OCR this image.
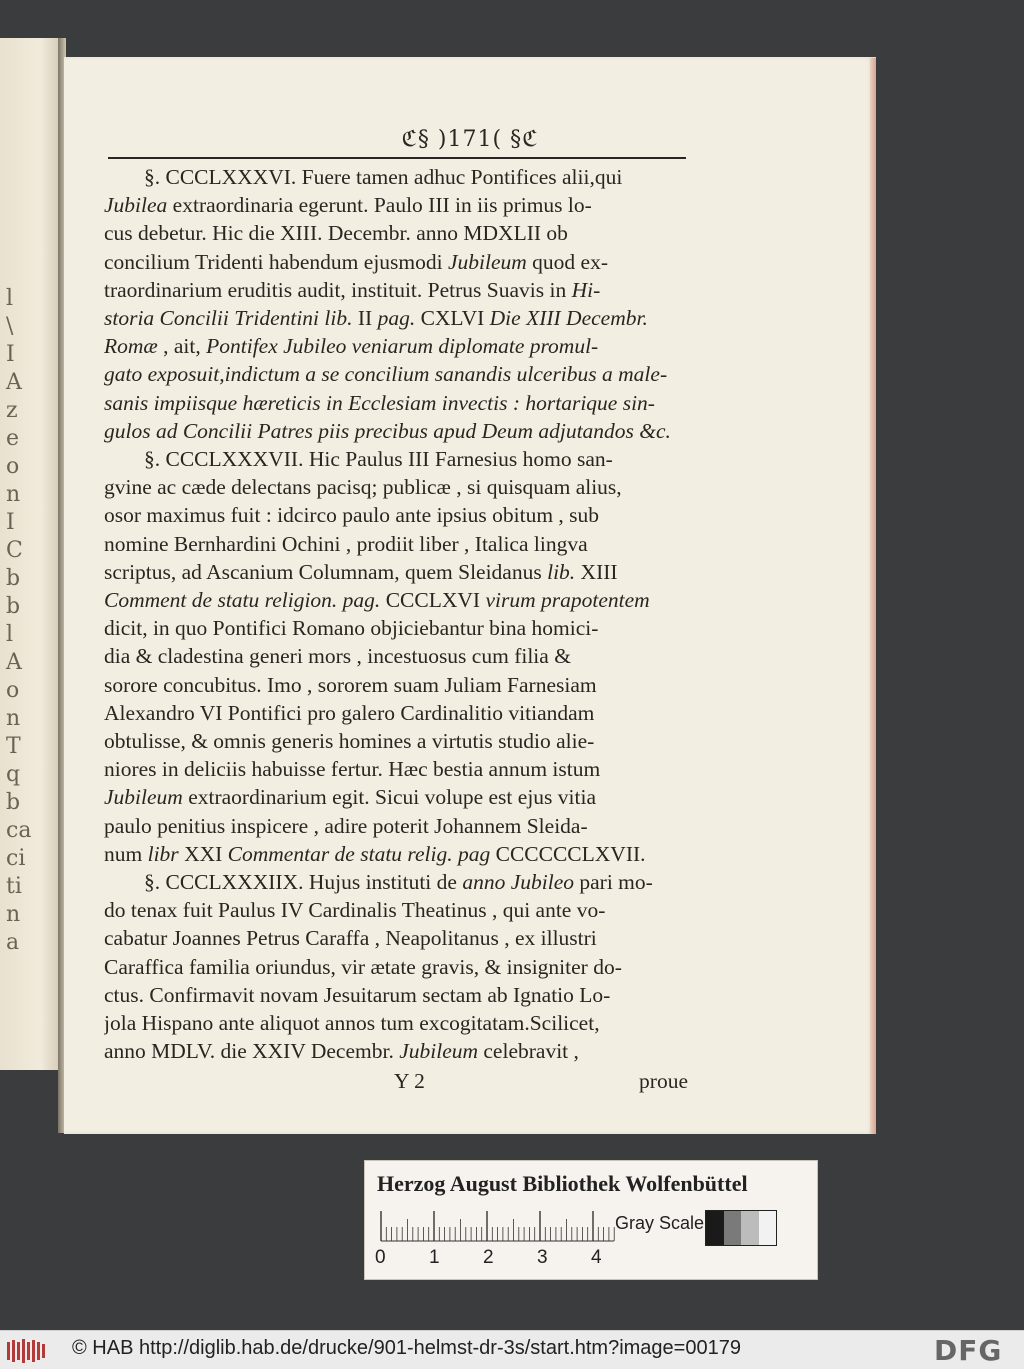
l
\
I
A
z
e
o
n
I
C
b
b
l
A
o
n
T
q
b
ca
ci
ti
n
a
ℭ§ )171( §ℭ
§. CCCLXXXVI. Fuere tamen adhuc Pontifices alii,qui
Jubilea extraordinaria egerunt. Paulo III in iis primus lo-
cus debetur. Hic die XIII. Decembr. anno MDXLII ob
concilium Tridenti habendum ejusmodi Jubileum quod ex-
traordinarium eruditis audit, instituit. Petrus Suavis in Hi-
storia Concilii Tridentini lib. II pag. CXLVI Die XIII Decembr.
Romæ , ait, Pontifex Jubileo veniarum diplomate promul-
gato exposuit,indictum a se concilium sanandis ulceribus a male-
sanis impiisque hæreticis in Ecclesiam invectis : hortarique sin-
gulos ad Concilii Patres piis precibus apud Deum adjutandos &c.
§. CCCLXXXVII. Hic Paulus III Farnesius homo san-
gvine ac cæde delectans pacisq; publicæ , si quisquam alius,
osor maximus fuit : idcirco paulo ante ipsius obitum , sub
nomine Bernhardini Ochini , prodiit liber , Italica lingva
scriptus, ad Ascanium Columnam, quem Sleidanus lib. XIII
Comment de statu religion. pag. CCCLXVI virum prapotentem
dicit, in quo Pontifici Romano objiciebantur bina homici-
dia & cladestina generi mors , incestuosus cum filia &
sorore concubitus. Imo , sororem suam Juliam Farnesiam
Alexandro VI Pontifici pro galero Cardinalitio vitiandam
obtulisse, & omnis generis homines a virtutis studio alie-
niores in deliciis habuisse fertur. Hæc bestia annum istum
Jubileum extraordinarium egit. Sicui volupe est ejus vitia
paulo penitius inspicere , adire poterit Johannem Sleida-
num libr XXI Commentar de statu relig. pag CCCCCCLXVII.
§. CCCLXXXIIX. Hujus instituti de anno Jubileo pari mo-
do tenax fuit Paulus IV Cardinalis Theatinus , qui ante vo-
cabatur Joannes Petrus Caraffa , Neapolitanus , ex illustri
Caraffica familia oriundus, vir ætate gravis, & insigniter do-
ctus. Confirmavit novam Jesuitarum sectam ab Ignatio Lo-
jola Hispano ante aliquot annos tum excogitatam.Scilicet,
anno MDLV. die XXIV Decembr. Jubileum celebravit ,
Y 2	proue
Herzog August Bibliothek Wolfenbüttel
0 1 2 3 4
Gray Scale
© HAB http://diglib.hab.de/drucke/901-helmst-dr-3s/start.htm?image=00179	DFG
